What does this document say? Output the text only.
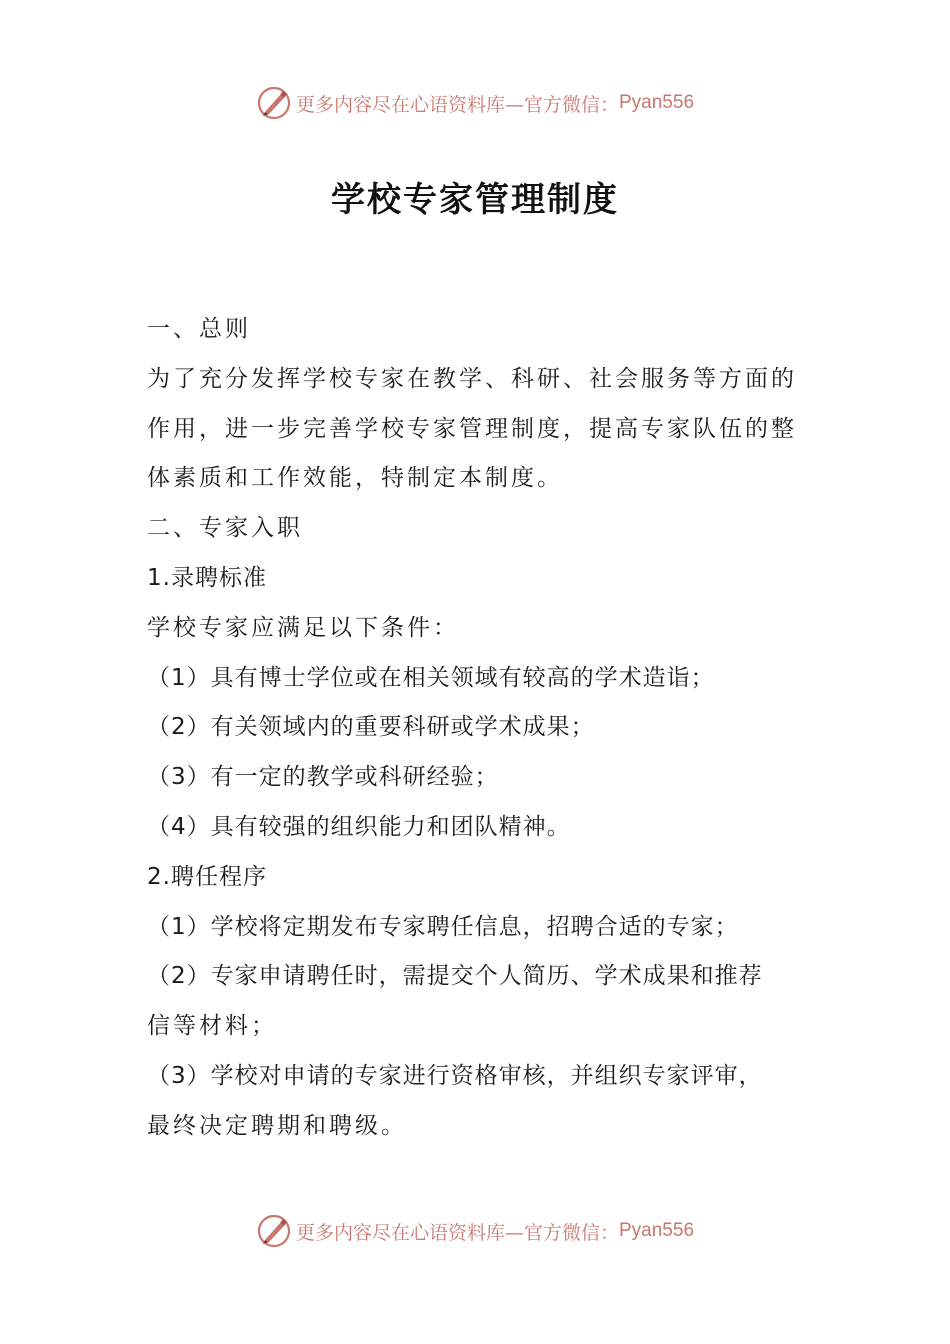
更多内容尽在心语资料库—官方微信： Pyan556
学校专家管理制度

一、总则

为了充分发挥学校专家在教学、科研、社会服务等方面的

作用，进一步完善学校专家管理制度，提高专家队伍的整

体素质和工作效能，特制定本制度。

二、专家入职

1.录聘标准

学校专家应满足以下条件：

（1）具有博士学位或在相关领域有较高的学术造诣；

（2）有关领域内的重要科研或学术成果；

（3）有一定的教学或科研经验；

（4）具有较强的组织能力和团队精神。

2.聘任程序

（1）学校将定期发布专家聘任信息，招聘合适的专家；

（2）专家申请聘任时，需提交个人简历、学术成果和推荐

信等材料；

（3）学校对申请的专家进行资格审核，并组织专家评审，

最终决定聘期和聘级。

更多内容尽在心语资料库—官方微信： Pyan556
